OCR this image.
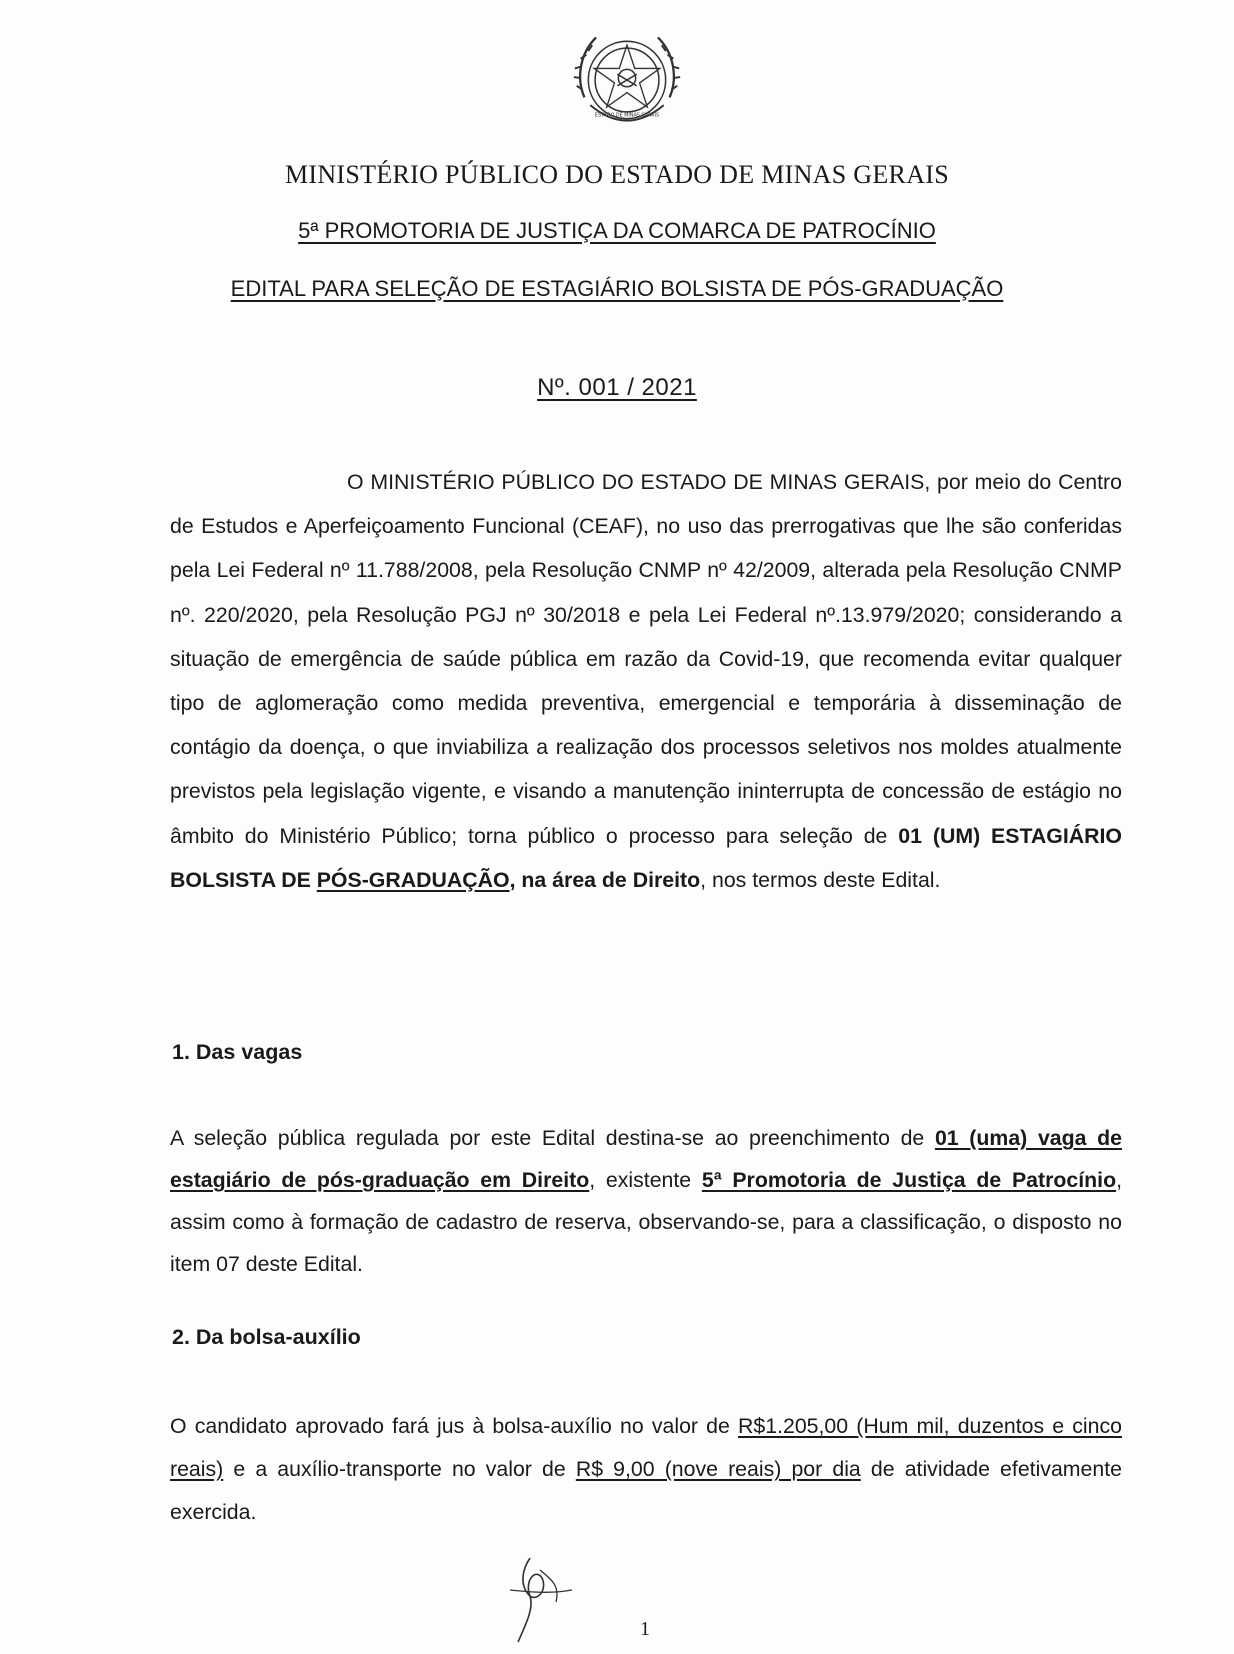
ESTADO DE MINAS GERAIS
MINISTÉRIO PÚBLICO DO ESTADO DE MINAS GERAIS
5ª PROMOTORIA DE JUSTIÇA DA COMARCA DE PATROCÍNIO
EDITAL PARA SELEÇÃO DE ESTAGIÁRIO BOLSISTA DE PÓS-GRADUAÇÃO
Nº. 001 / 2021

O MINISTÉRIO PÚBLICO DO ESTADO DE MINAS GERAIS, por meio do Centro de Estudos e Aperfeiçoamento Funcional (CEAF), no uso das prerrogativas que lhe são conferidas pela Lei Federal nº 11.788/2008, pela Resolução CNMP nº 42/2009, alterada pela Resolução CNMP nº. 220/2020, pela Resolução PGJ nº 30/2018 e pela Lei Federal nº.13.979/2020; considerando a situação de emergência de saúde pública em razão da Covid-19, que recomenda evitar qualquer tipo de aglomeração como medida preventiva, emergencial e temporária à disseminação de contágio da doença, o que inviabiliza a realização dos processos seletivos nos moldes atualmente previstos pela legislação vigente, e visando a manutenção ininterrupta de concessão de estágio no âmbito do Ministério Público; torna público o processo para seleção de 01 (UM) ESTAGIÁRIO BOLSISTA DE PÓS-GRADUAÇÃO, na área de Direito, nos termos deste Edital.

1. Das vagas

A seleção pública regulada por este Edital destina-se ao preenchimento de 01 (uma) vaga de estagiário de pós-graduação em Direito, existente 5ª Promotoria de Justiça de Patrocínio, assim como à formação de cadastro de reserva, observando-se, para a classificação, o disposto no item 07 deste Edital.

2. Da bolsa-auxílio

O candidato aprovado fará jus à bolsa-auxílio no valor de R$1.205,00 (Hum mil, duzentos e cinco reais) e a auxílio-transporte no valor de R$ 9,00 (nove reais) por dia de atividade efetivamente exercida.

1
